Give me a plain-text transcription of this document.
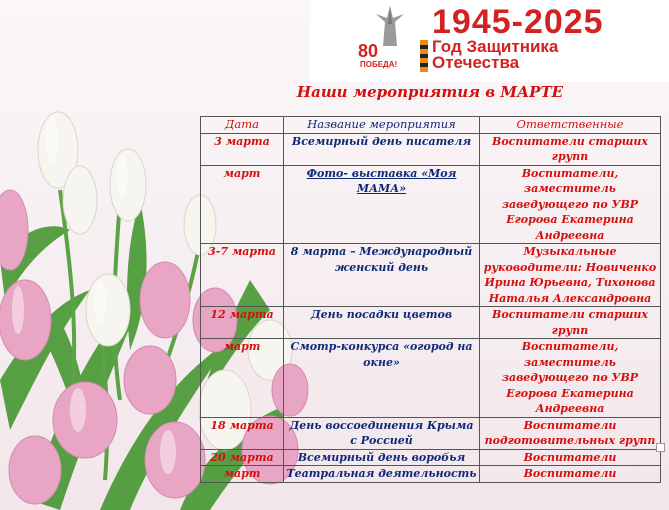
80
ПОБЕДА!
1945-2025
Год Защитника
Отечества
Наши мероприятия в МАРТЕ
Дата	Название мероприятия	Ответственные
3 марта	Всемирный день писателя	Воспитатели старших групп
март	Фото- выставка «Моя МАМА»	Воспитатели, заместитель заведующего по УВР Егорова Екатерина Андреевна
3-7 марта	8 марта – Международный женский день	Музыкальные руководители: Новиченко Ирина Юрьевна, Тихонова Наталья Александровна
12 марта	День посадки цветов	Воспитатели старших групп
март	Смотр-конкурса «огород на окне»	Воспитатели, заместитель заведующего по УВР Егорова Екатерина Андреевна
18 марта	День воссоединения Крыма с Россией	Воспитатели подготовительных групп
20 марта	Всемирный день воробья	Воспитатели
март	Театральная деятельность	Воспитатели
